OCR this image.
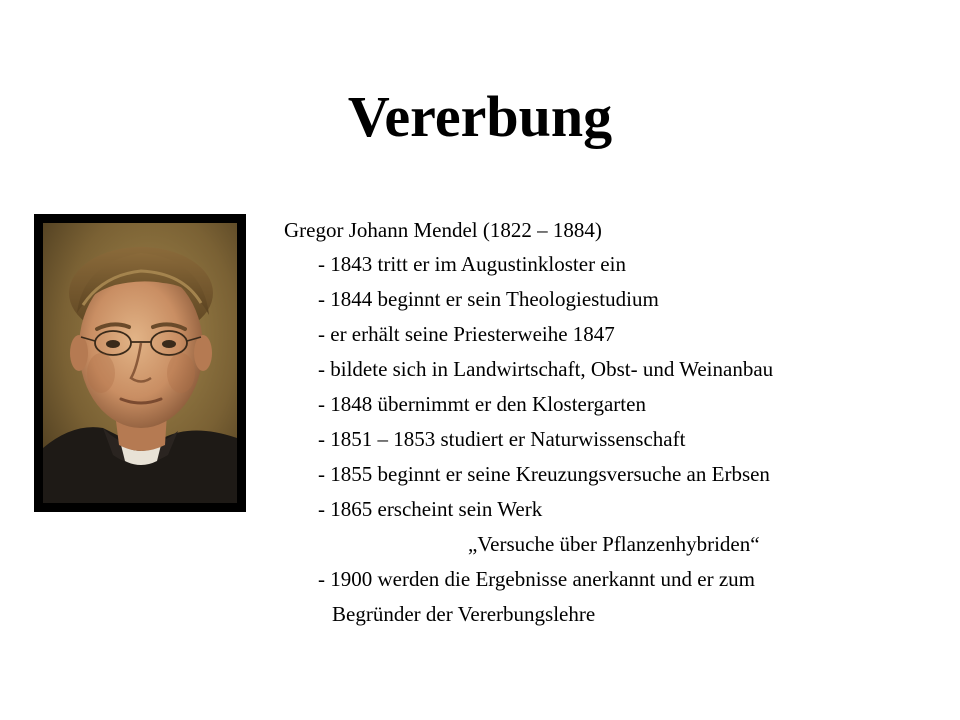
Vererbung
Gregor Johann Mendel (1822 – 1884)
- 1843 tritt er im Augustinkloster ein
- 1844 beginnt er sein Theologiestudium
- er erhält seine Priesterweihe 1847
- bildete sich in Landwirtschaft, Obst- und Weinanbau
- 1848 übernimmt er den Klostergarten
- 1851 – 1853 studiert er Naturwissenschaft
- 1855 beginnt er seine Kreuzungsversuche an Erbsen
- 1865 erscheint sein Werk
„Versuche über Pflanzenhybriden“
- 1900 werden die Ergebnisse anerkannt und er zum
Begründer der Vererbungslehre
